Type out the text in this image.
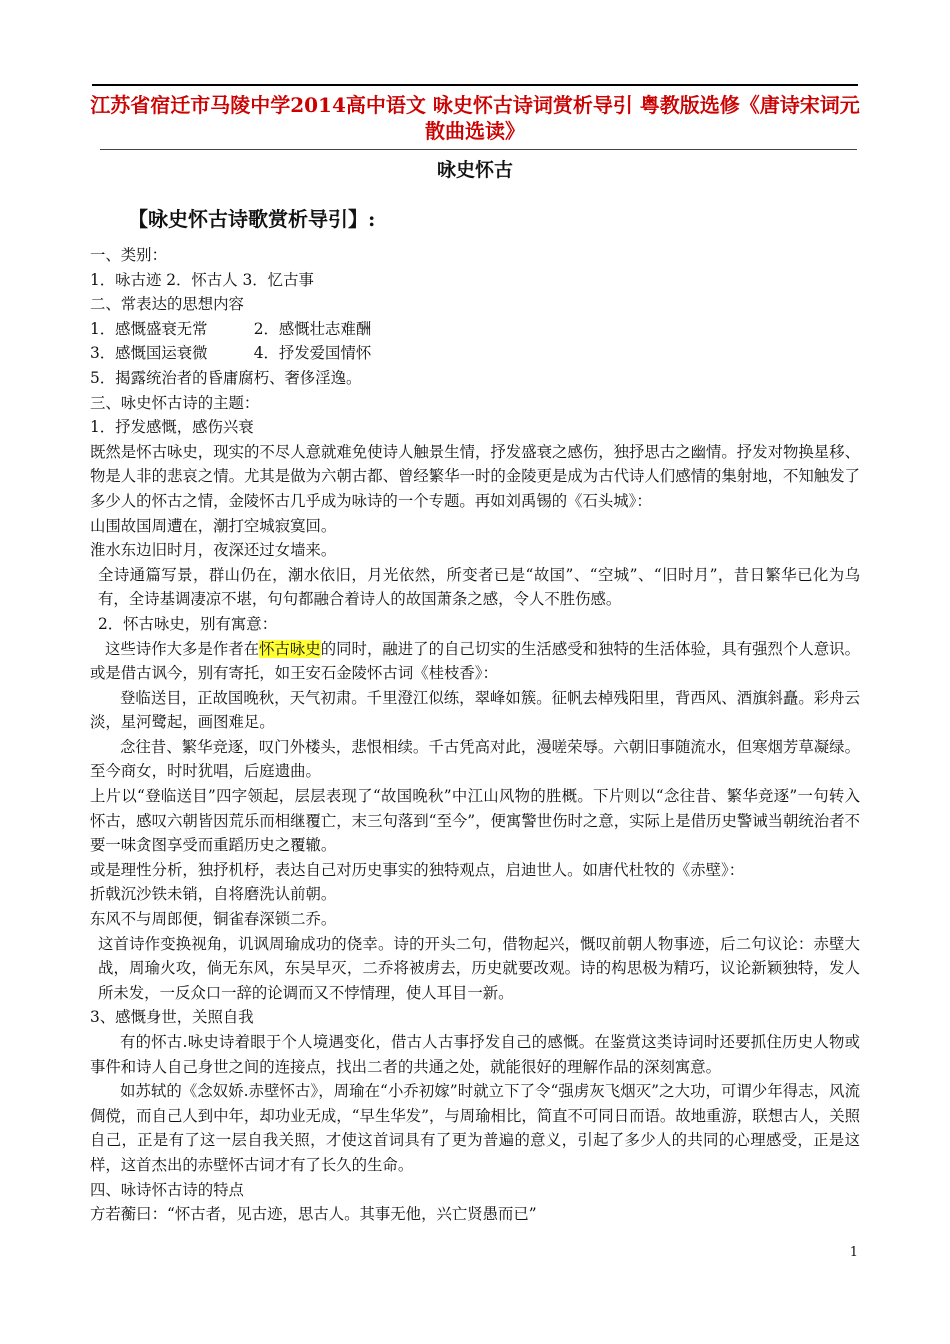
江苏省宿迁市马陵中学2014高中语文 咏史怀古诗词赏析导引 粤教版选修《唐诗宋词元散曲选读》
咏史怀古
【咏史怀古诗歌赏析导引】:

一、类别：

1．咏古迹 2．怀古人 3．忆古事

二、常表达的思想内容

1．感慨盛衰无常　　　2．感慨壮志难酬

3．感慨国运衰微　　　4．抒发爱国情怀

5．揭露统治者的昏庸腐朽、奢侈淫逸。

三、咏史怀古诗的主题：

1．抒发感慨，感伤兴衰

既然是怀古咏史，现实的不尽人意就难免使诗人触景生情，抒发盛衰之感伤，独抒思古之幽情。抒发对物换星移、物是人非的悲哀之情。尤其是做为六朝古都、曾经繁华一时的金陵更是成为古代诗人们感情的集射地，不知触发了多少人的怀古之情，金陵怀古几乎成为咏诗的一个专题。再如刘禹锡的《石头城》：

山围故国周遭在，潮打空城寂寞回。

淮水东边旧时月，夜深还过女墙来。

全诗通篇写景，群山仍在，潮水依旧，月光依然，所变者已是“故国”、“空城”、“旧时月”，昔日繁华已化为乌有，全诗基调凄凉不堪，句句都融合着诗人的故国萧条之感，令人不胜伤感。

2．怀古咏史，别有寓意：

这些诗作大多是作者在怀古咏史的同时，融进了的自己切实的生活感受和独特的生活体验，具有强烈个人意识。或是借古讽今，别有寄托，如王安石金陵怀古词《桂枝香》：

登临送目，正故国晚秋，天气初肃。千里澄江似练，翠峰如簇。征帆去棹残阳里，背西风、酒旗斜矗。彩舟云淡，星河鹭起，画图难足。

念往昔、繁华竞逐，叹门外楼头，悲恨相续。千古凭高对此，漫嗟荣辱。六朝旧事随流水，但寒烟芳草凝绿。至今商女，时时犹唱，后庭遗曲。

上片以“登临送目”四字领起，层层表现了“故国晚秋”中江山风物的胜概。下片则以“念往昔、繁华竞逐”一句转入怀古，感叹六朝皆因荒乐而相继覆亡，末三句落到“至今”，便寓警世伤时之意，实际上是借历史警诫当朝统治者不要一味贪图享受而重蹈历史之覆辙。

或是理性分析，独抒机杼，表达自己对历史事实的独特观点，启迪世人。如唐代杜牧的《赤壁》：

折戟沉沙铁未销，自将磨洗认前朝。

东风不与周郎便，铜雀春深锁二乔。

这首诗作变换视角，讥讽周瑜成功的侥幸。诗的开头二句，借物起兴，慨叹前朝人物事迹，后二句议论：赤壁大战，周瑜火攻，倘无东风，东吴早灭，二乔将被虏去，历史就要改观。诗的构思极为精巧，议论新颖独特，发人所未发，一反众口一辞的论调而又不悖情理，使人耳目一新。

3、感慨身世，关照自我

有的怀古.咏史诗着眼于个人境遇变化，借古人古事抒发自己的感慨。在鉴赏这类诗词时还要抓住历史人物或事件和诗人自己身世之间的连接点，找出二者的共通之处，就能很好的理解作品的深刻寓意。

如苏轼的《念奴娇.赤壁怀古》，周瑜在“小乔初嫁”时就立下了令“强虏灰飞烟灭”之大功，可谓少年得志，风流倜傥，而自己人到中年，却功业无成，“早生华发”，与周瑜相比，简直不可同日而语。故地重游，联想古人，关照自己，正是有了这一层自我关照，才使这首词具有了更为普遍的意义，引起了多少人的共同的心理感受，正是这样，这首杰出的赤壁怀古词才有了长久的生命。

四、咏诗怀古诗的特点

方若蘅曰：“怀古者，见古迹，思古人。其事无他，兴亡贤愚而已”

1
